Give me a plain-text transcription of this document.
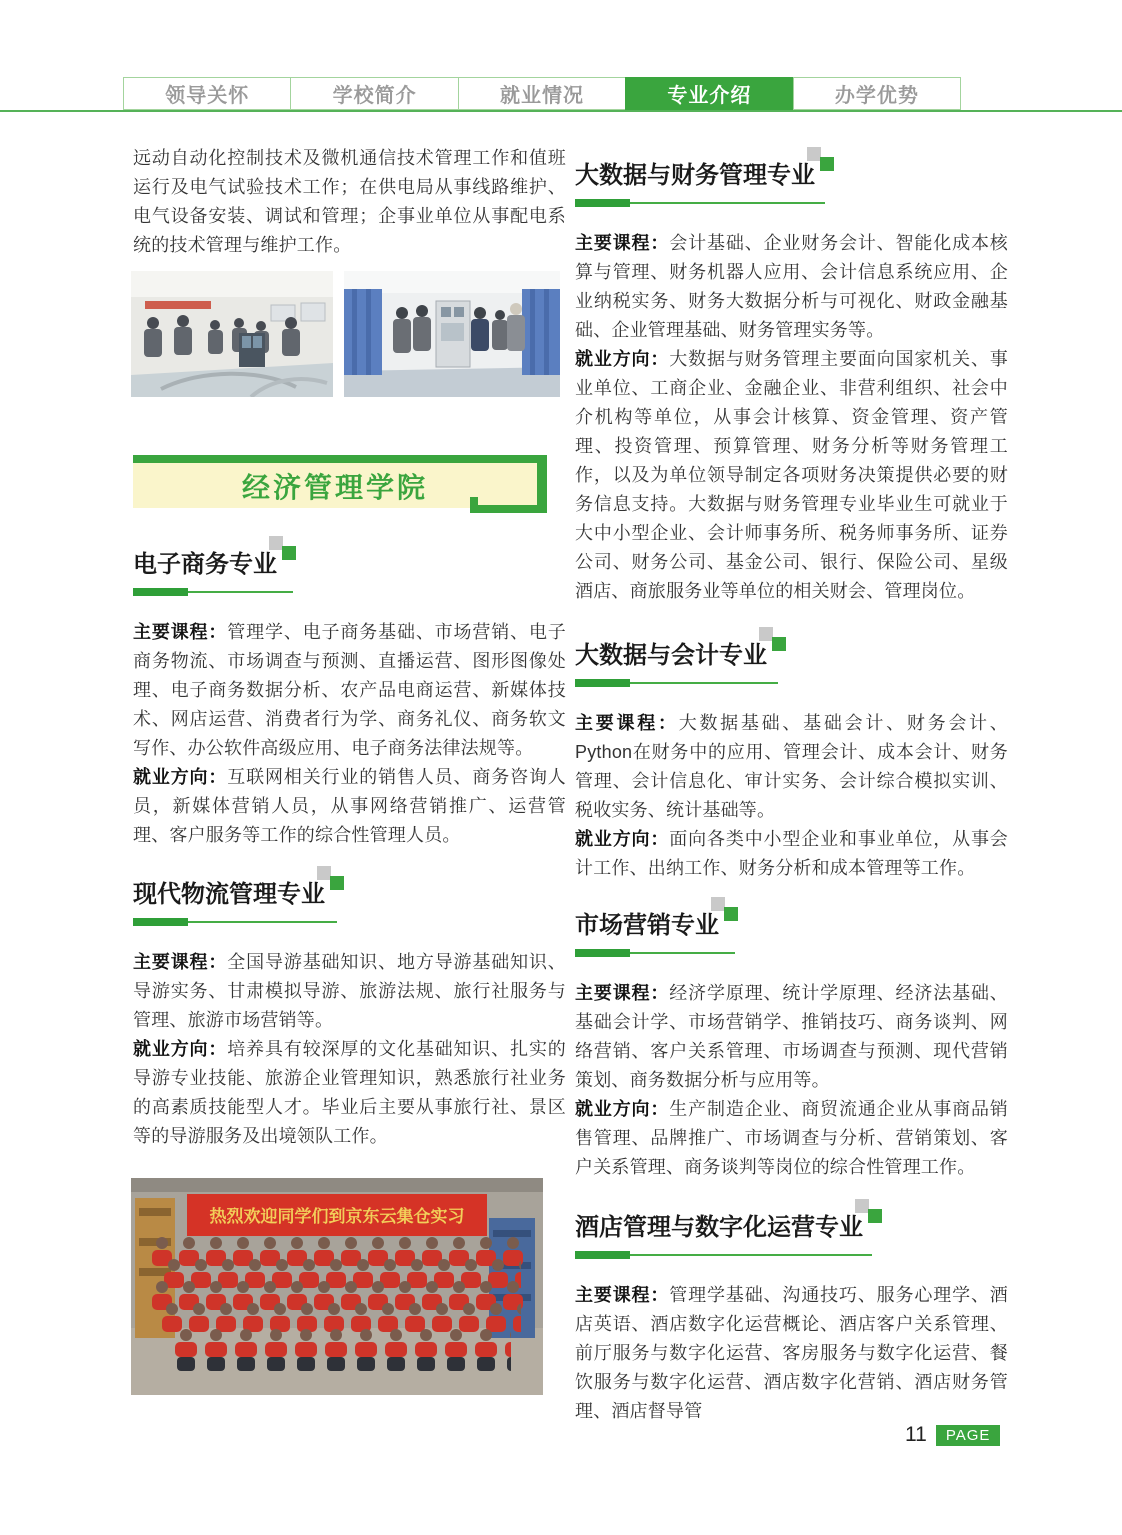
领导关怀	学校简介	就业情况	专业介绍	办学优势

远动自动化控制技术及微机通信技术管理工作和值班运行及电气试验技术工作；在供电局从事线路维护、电气设备安装、调试和管理；企事业单位从事配电系统的技术管理与维护工作。

经济管理学院
电子商务专业

主要课程：管理学、电子商务基础、市场营销、电子商务物流、市场调查与预测、直播运营、图形图像处理、电子商务数据分析、农产品电商运营、新媒体技术、网店运营、消费者行为学、商务礼仪、商务软文写作、办公软件高级应用、电子商务法律法规等。
就业方向：互联网相关行业的销售人员、商务咨询人员，新媒体营销人员，从事网络营销推广、运营管理、客户服务等工作的综合性管理人员。

现代物流管理专业

主要课程：全国导游基础知识、地方导游基础知识、导游实务、甘肃模拟导游、旅游法规、旅行社服务与管理、旅游市场营销等。
就业方向：培养具有较深厚的文化基础知识、扎实的导游专业技能、旅游企业管理知识，熟悉旅行社业务的高素质技能型人才。毕业后主要从事旅行社、景区等的导游服务及出境领队工作。

热烈欢迎同学们到京东云集仓实习
大数据与财务管理专业

主要课程：会计基础、企业财务会计、智能化成本核算与管理、财务机器人应用、会计信息系统应用、企业纳税实务、财务大数据分析与可视化、财政金融基础、企业管理基础、财务管理实务等。
就业方向：大数据与财务管理主要面向国家机关、事业单位、工商企业、金融企业、非营利组织、社会中介机构等单位，从事会计核算、资金管理、资产管理、投资管理、预算管理、财务分析等财务管理工作，以及为单位领导制定各项财务决策提供必要的财务信息支持。大数据与财务管理专业毕业生可就业于大中小型企业、会计师事务所、税务师事务所、证券公司、财务公司、基金公司、银行、保险公司、星级酒店、商旅服务业等单位的相关财会、管理岗位。

大数据与会计专业

主要课程：大数据基础、基础会计、财务会计、Python在财务中的应用、管理会计、成本会计、财务管理、会计信息化、审计实务、会计综合模拟实训、税收实务、统计基础等。
就业方向：面向各类中小型企业和事业单位，从事会计工作、出纳工作、财务分析和成本管理等工作。

市场营销专业

主要课程：经济学原理、统计学原理、经济法基础、基础会计学、市场营销学、推销技巧、商务谈判、网络营销、客户关系管理、市场调查与预测、现代营销策划、商务数据分析与应用等。
就业方向：生产制造企业、商贸流通企业从事商品销售管理、品牌推广、市场调查与分析、营销策划、客户关系管理、商务谈判等岗位的综合性管理工作。

酒店管理与数字化运营专业

主要课程：管理学基础、沟通技巧、服务心理学、酒店英语、酒店数字化运营概论、酒店客户关系管理、前厅服务与数字化运营、客房服务与数字化运营、餐饮服务与数字化运营、酒店数字化营销、酒店财务管理、酒店督导管

11	PAGE
